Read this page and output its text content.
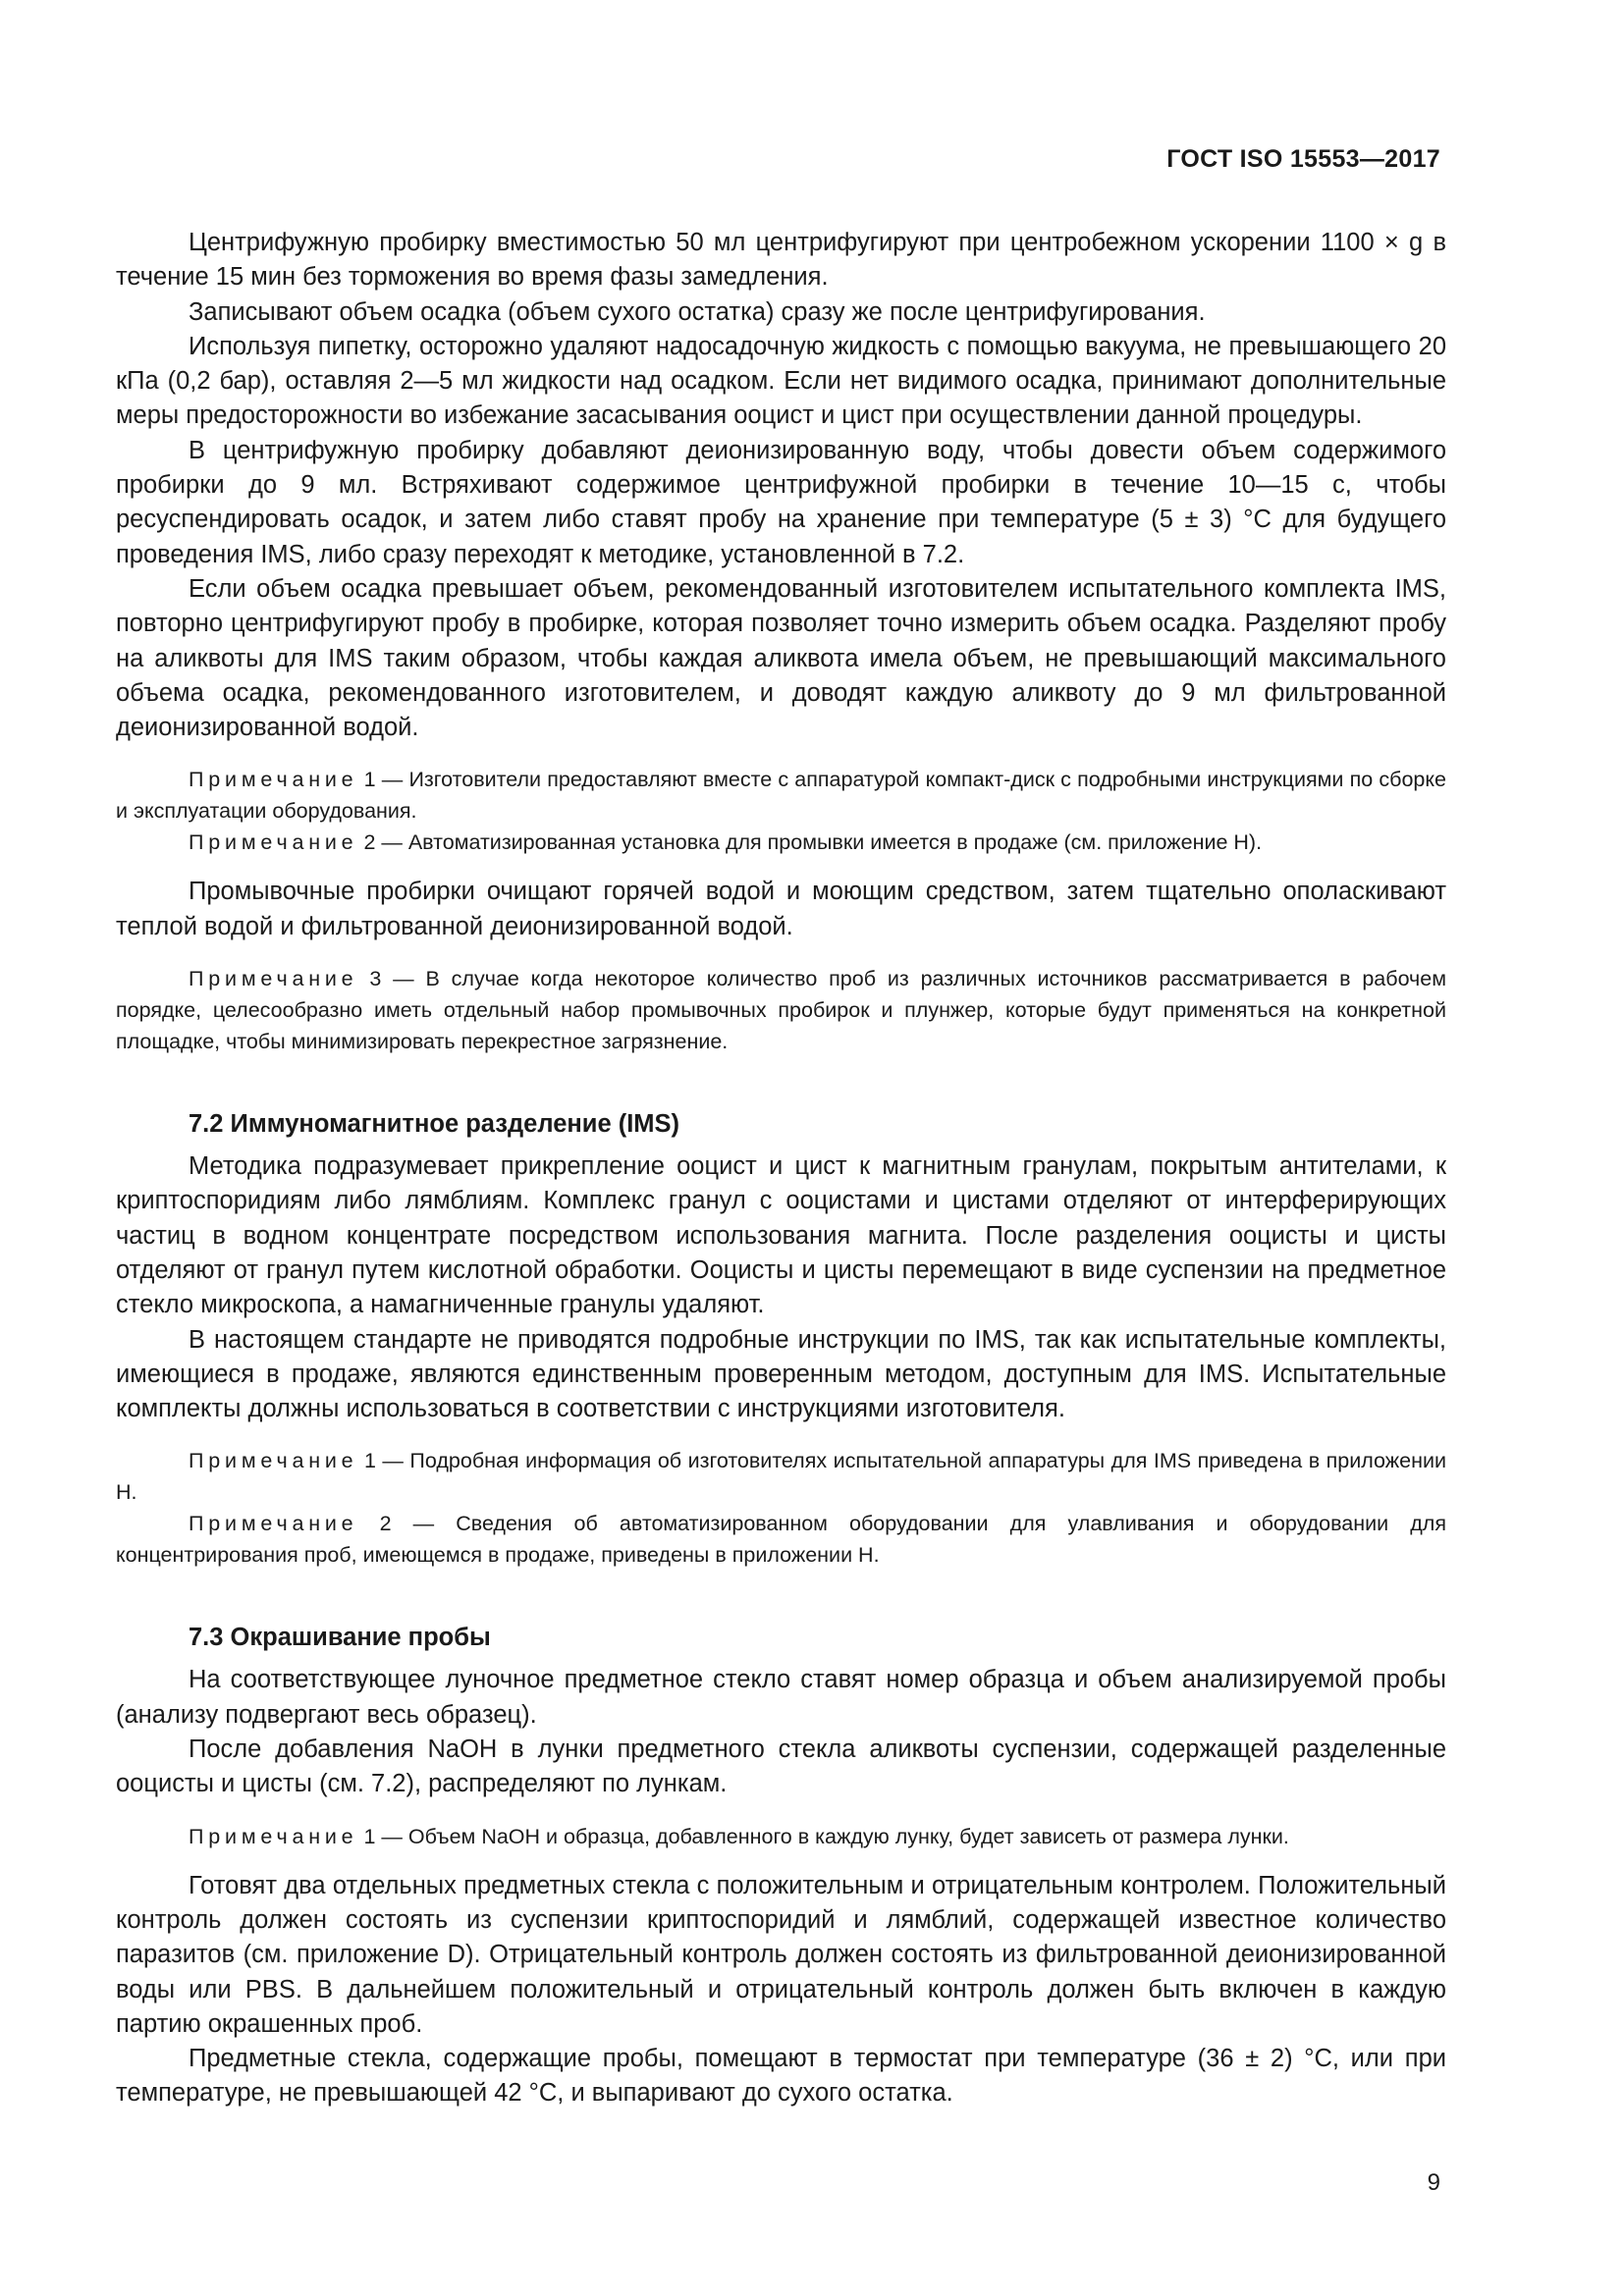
ГОСТ ISO 15553—2017

Центрифужную пробирку вместимостью 50 мл центрифугируют при центробежном ускорении 1100 × g в течение 15 мин без торможения во время фазы замедления.

Записывают объем осадка (объем сухого остатка) сразу же после центрифугирования.

Используя пипетку, осторожно удаляют надосадочную жидкость с помощью вакуума, не превышающего 20 кПа (0,2 бар), оставляя 2—5 мл жидкости над осадком. Если нет видимого осадка, принимают дополнительные меры предосторожности во избежание засасывания ооцист и цист при осуществлении данной процедуры.

В центрифужную пробирку добавляют деионизированную воду, чтобы довести объем содержимого пробирки до 9 мл. Встряхивают содержимое центрифужной пробирки в течение 10—15 с, чтобы ресуспендировать осадок, и затем либо ставят пробу на хранение при температуре (5 ± 3) °С для будущего проведения IMS, либо сразу переходят к методике, установленной в 7.2.

Если объем осадка превышает объем, рекомендованный изготовителем испытательного комплекта IMS, повторно центрифугируют пробу в пробирке, которая позволяет точно измерить объем осадка. Разделяют пробу на аликвоты для IMS таким образом, чтобы каждая аликвота имела объем, не превышающий максимального объема осадка, рекомендованного изготовителем, и доводят каждую аликвоту до 9 мл фильтрованной деионизированной водой.

Примечание 1 — Изготовители предоставляют вместе с аппаратурой компакт-диск с подробными инструкциями по сборке и эксплуатации оборудования.

Примечание 2 — Автоматизированная установка для промывки имеется в продаже (см. приложение Н).

Промывочные пробирки очищают горячей водой и моющим средством, затем тщательно ополаскивают теплой водой и фильтрованной деионизированной водой.

Примечание 3 — В случае когда некоторое количество проб из различных источников рассматривается в рабочем порядке, целесообразно иметь отдельный набор промывочных пробирок и плунжер, которые будут применяться на конкретной площадке, чтобы минимизировать перекрестное загрязнение.

7.2 Иммуномагнитное разделение (IMS)

Методика подразумевает прикрепление ооцист и цист к магнитным гранулам, покрытым антителами, к криптоспоридиям либо лямблиям. Комплекс гранул с ооцистами и цистами отделяют от интерферирующих частиц в водном концентрате посредством использования магнита. После разделения ооцисты и цисты отделяют от гранул путем кислотной обработки. Ооцисты и цисты перемещают в виде суспензии на предметное стекло микроскопа, а намагниченные гранулы удаляют.

В настоящем стандарте не приводятся подробные инструкции по IMS, так как испытательные комплекты, имеющиеся в продаже, являются единственным проверенным методом, доступным для IMS. Испытательные комплекты должны использоваться в соответствии с инструкциями изготовителя.

Примечание 1 — Подробная информация об изготовителях испытательной аппаратуры для IMS приведена в приложении Н.

Примечание 2 — Сведения об автоматизированном оборудовании для улавливания и оборудовании для концентрирования проб, имеющемся в продаже, приведены в приложении Н.

7.3 Окрашивание пробы

На соответствующее луночное предметное стекло ставят номер образца и объем анализируемой пробы (анализу подвергают весь образец).

После добавления NaOH в лунки предметного стекла аликвоты суспензии, содержащей разделенные ооцисты и цисты (см. 7.2), распределяют по лункам.

Примечание 1 — Объем NaOH и образца, добавленного в каждую лунку, будет зависеть от размера лунки.

Готовят два отдельных предметных стекла с положительным и отрицательным контролем. Положительный контроль должен состоять из суспензии криптоспоридий и лямблий, содержащей известное количество паразитов (см. приложение D). Отрицательный контроль должен состоять из фильтрованной деионизированной воды или PBS. В дальнейшем положительный и отрицательный контроль должен быть включен в каждую партию окрашенных проб.

Предметные стекла, содержащие пробы, помещают в термостат при температуре (36 ± 2) °С, или при температуре, не превышающей 42 °С, и выпаривают до сухого остатка.

9
